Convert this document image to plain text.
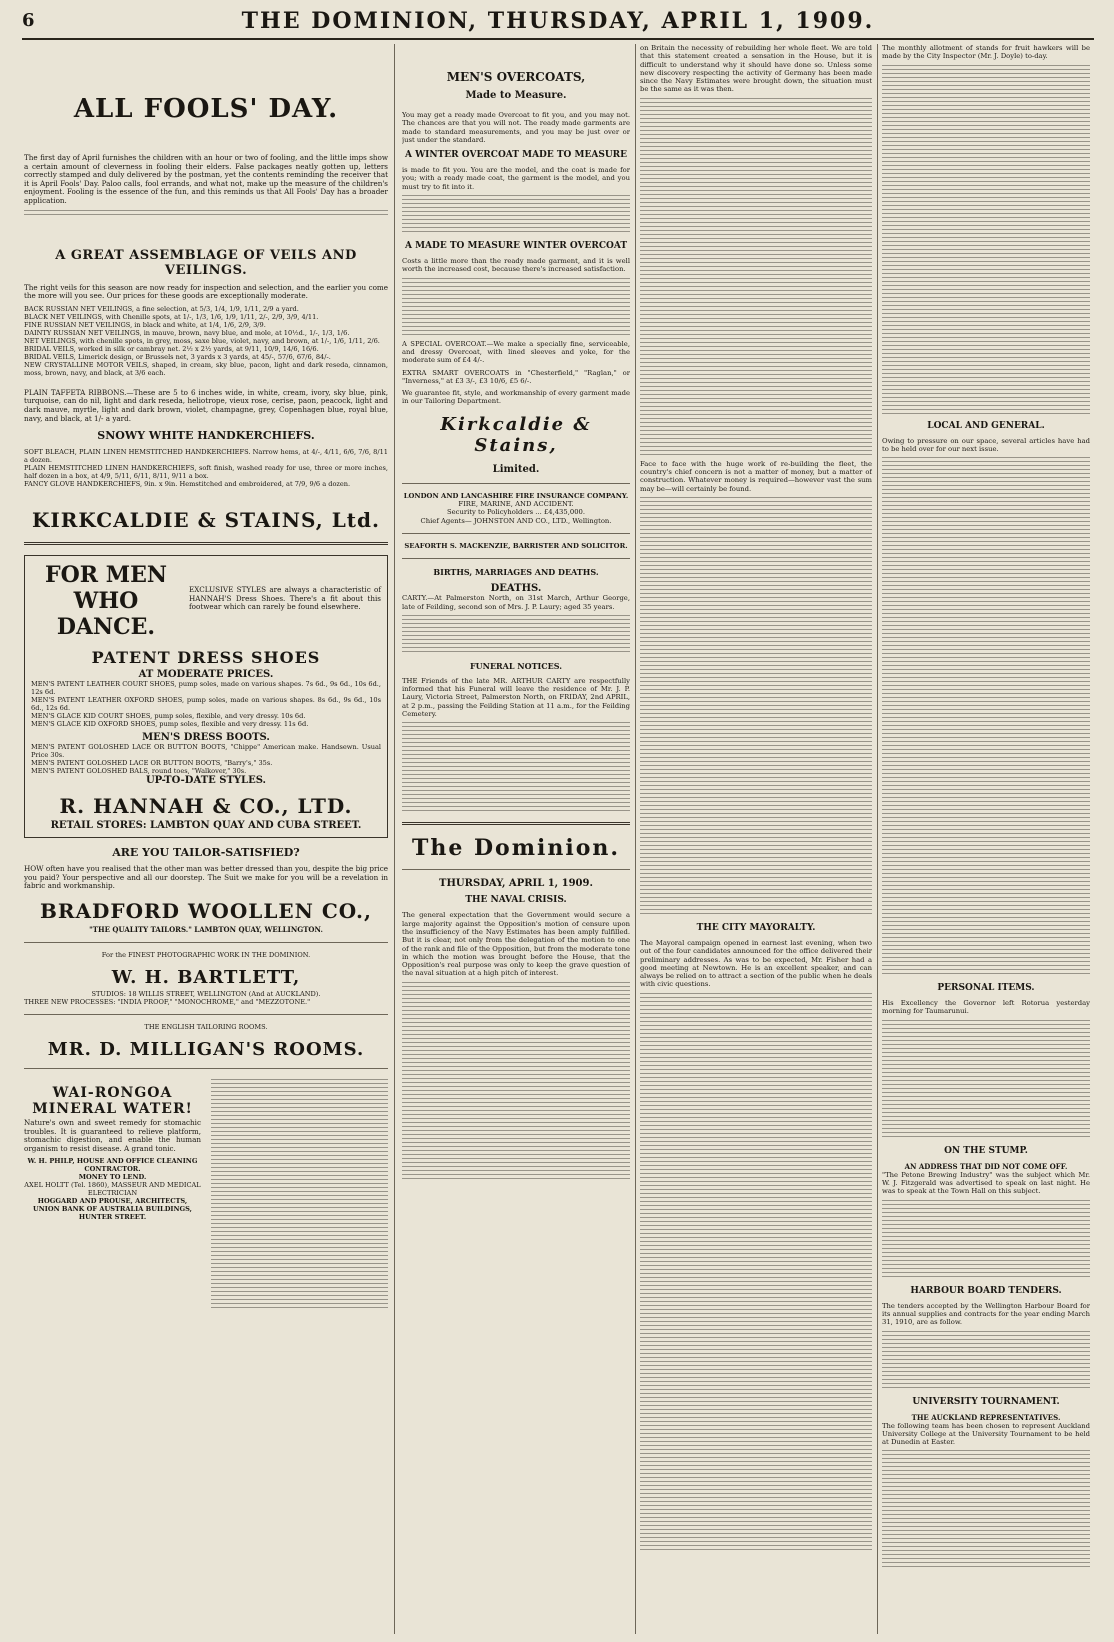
6	THE DOMINION, THURSDAY, APRIL 1, 1909.
ALL FOOLS' DAY.

The first day of April furnishes the children with an hour or two of fooling, and the little imps show a certain amount of cleverness in fooling their elders. False packages neatly gotten up, letters correctly stamped and duly delivered by the postman, yet the contents reminding the receiver that it is April Fools' Day. Paloo calls, fool errands, and what not, make up the measure of the children's enjoyment. Fooling is the essence of the fun, and this reminds us that All Fools' Day has a broader application.

A GREAT ASSEMBLAGE OF VEILS AND VEILINGS.

The right veils for this season are now ready for inspection and selection, and the earlier you come the more will you see. Our prices for these goods are exceptionally moderate.

BACK RUSSIAN NET VEILINGS, a fine selection, at 5/3, 1/4, 1/9, 1/11, 2/9 a yard.

BLACK NET VEILINGS, with Chenille spots, at 1/-, 1/3, 1/6, 1/9, 1/11, 2/-, 2/9, 3/9, 4/11.

FINE RUSSIAN NET VEILINGS, in black and white, at 1/4, 1/6, 2/9, 3/9.

DAINTY RUSSIAN NET VEILINGS, in mauve, brown, navy blue, and mole, at 10½d., 1/-, 1/3, 1/6.

NET VEILINGS, with chenille spots, in grey, moss, saxe blue, violet, navy, and brown, at 1/-, 1/6, 1/11, 2/6.

BRIDAL VEILS, worked in silk or cambray net. 2½ x 2½ yards, at 9/11, 10/9, 14/6, 16/6.

BRIDAL VEILS, Limerick design, or Brussels net, 3 yards x 3 yards, at 45/-, 57/6, 67/6, 84/-.

NEW CRYSTALLINE MOTOR VEILS, shaped, in cream, sky blue, pacon, light and dark reseda, cinnamon, moss, brown, navy, and black, at 3/6 each.

PLAIN TAFFETA RIBBONS.—These are 5 to 6 inches wide, in white, cream, ivory, sky blue, pink, turquoise, can do nil, light and dark reseda, heliotrope, vieux rose, cerise, paon, peacock, light and dark mauve, myrtle, light and dark brown, violet, champagne, grey, Copenhagen blue, royal blue, navy, and black, at 1/- a yard.

SNOWY WHITE HANDKERCHIEFS.

SOFT BLEACH, PLAIN LINEN HEMSTITCHED HANDKERCHIEFS. Narrow hems, at 4/-, 4/11, 6/6, 7/6, 8/11 a dozen.

PLAIN HEMSTITCHED LINEN HANDKERCHIEFS, soft finish, washed ready for use, three or more inches, half dozen in a box, at 4/9, 5/11, 6/11, 8/11, 9/11 a box.

FANCY GLOVE HANDKERCHIEFS, 9in. x 9in. Hemstitched and embroidered, at 7/9, 9/6 a dozen.

KIRKCALDIE & STAINS, Ltd.
FOR MEN
WHO DANCE.

EXCLUSIVE STYLES are always a characteristic of HANNAH'S Dress Shoes. There's a fit about this footwear which can rarely be found elsewhere.

PATENT DRESS SHOES
AT MODERATE PRICES.

MEN'S PATENT LEATHER COURT SHOES, pump soles, made on various shapes. 7s 6d., 9s 6d., 10s 6d., 12s 6d.

MEN'S PATENT LEATHER OXFORD SHOES, pump soles, made on various shapes. 8s 6d., 9s 6d., 10s 6d., 12s 6d.

MEN'S GLACE KID COURT SHOES, pump soles, flexible, and very dressy. 10s 6d.

MEN'S GLACE KID OXFORD SHOES, pump soles, flexible and very dressy. 11s 6d.

MEN'S DRESS BOOTS.

MEN'S PATENT GOLOSHED LACE OR BUTTON BOOTS, "Chippe" American make. Handsewn. Usual Price 30s.

MEN'S PATENT GOLOSHED LACE OR BUTTON BOOTS, "Barry's," 35s.

MEN'S PATENT GOLOSHED BALS, round toes, "Walkover," 30s.

UP-TO-DATE STYLES.
R. HANNAH & CO., LTD.
RETAIL STORES: LAMBTON QUAY AND CUBA STREET.
ARE YOU TAILOR-SATISFIED?

HOW often have you realised that the other man was better dressed than you, despite the big price you paid? Your perspective and all our doorstep. The Suit we make for you will be a revelation in fabric and workmanship.

BRADFORD WOOLLEN CO.,
"THE QUALITY TAILORS." LAMBTON QUAY, WELLINGTON.

For the FINEST PHOTOGRAPHIC WORK IN THE DOMINION.

W. H. BARTLETT,

STUDIOS: 18 WILLIS STREET, WELLINGTON (And at AUCKLAND).

THREE NEW PROCESSES: "INDIA PROOF," "MONOCHROME," and "MEZZOTONE."

THE ENGLISH TAILORING ROOMS.

MR. D. MILLIGAN'S ROOMS.
WAI-RONGOA MINERAL WATER!

Nature's own and sweet remedy for stomachic troubles. It is guaranteed to relieve platform, stomachic digestion, and enable the human organism to resist disease. A grand tonic.

W. H. PHILP, HOUSE AND OFFICE CLEANING CONTRACTOR.

MONEY TO LEND.

AXEL HOLTT (Tel. 1860), MASSEUR AND MEDICAL ELECTRICIAN

HOGGARD AND PROUSE, ARCHITECTS, UNION BANK OF AUSTRALIA BUILDINGS, HUNTER STREET.

MEN'S OVERCOATS,
Made to Measure.

You may get a ready made Overcoat to fit you, and you may not. The chances are that you will not. The ready made garments are made to standard measurements, and you may be just over or just under the standard.

A WINTER OVERCOAT MADE TO MEASURE

is made to fit you. You are the model, and the coat is made for you; with a ready made coat, the garment is the model, and you must try to fit into it.

A MADE TO MEASURE WINTER OVERCOAT

Costs a little more than the ready made garment, and it is well worth the increased cost, because there's increased satisfaction.

A SPECIAL OVERCOAT.—We make a specially fine, serviceable, and dressy Overcoat, with lined sleeves and yoke, for the moderate sum of £4 4/-.

EXTRA SMART OVERCOATS in "Chesterfield," "Raglan," or "Inverness," at £3 3/-, £3 10/6, £5 6/-.

We guarantee fit, style, and workmanship of every garment made in our Tailoring Department.

Kirkcaldie & Stains,
Limited.

LONDON AND LANCASHIRE FIRE INSURANCE COMPANY.

FIRE, MARINE, AND ACCIDENT.

Security to Policyholders ... £4,435,000.

Chief Agents— JOHNSTON AND CO., LTD., Wellington.

SEAFORTH S. MACKENZIE, BARRISTER AND SOLICITOR.

BIRTHS, MARRIAGES AND DEATHS.
DEATHS.

CARTY.—At Palmerston North, on 31st March, Arthur George, late of Feilding, second son of Mrs. J. P. Laury; aged 35 years.

FUNERAL NOTICES.

THE Friends of the late MR. ARTHUR CARTY are respectfully informed that his Funeral will leave the residence of Mr. J. P. Laury, Victoria Street, Palmerston North, on FRIDAY, 2nd APRIL, at 2 p.m., passing the Feilding Station at 11 a.m., for the Feilding Cemetery.

The Dominion.
THURSDAY, APRIL 1, 1909.
THE NAVAL CRISIS.

The general expectation that the Government would secure a large majority against the Opposition's motion of censure upon the insufficiency of the Navy Estimates has been amply fulfilled. But it is clear, not only from the delegation of the motion to one of the rank and file of the Opposition, but from the moderate tone in which the motion was brought before the House, that the Opposition's real purpose was only to keep the grave question of the naval situation at a high pitch of interest.

on Britain the necessity of rebuilding her whole fleet. We are told that this statement created a sensation in the House, but it is difficult to understand why it should have done so. Unless some new discovery respecting the activity of Germany has been made since the Navy Estimates were brought down, the situation must be the same as it was then.

Face to face with the huge work of re-building the fleet, the country's chief concern is not a matter of money, but a matter of construction. Whatever money is required—however vast the sum may be—will certainly be found.

THE CITY MAYORALTY.

The Mayoral campaign opened in earnest last evening, when two out of the four candidates announced for the office delivered their preliminary addresses. As was to be expected, Mr. Fisher had a good meeting at Newtown. He is an excellent speaker, and can always be relied on to attract a section of the public when he deals with civic questions.

The monthly allotment of stands for fruit hawkers will be made by the City Inspector (Mr. J. Doyle) to-day.

LOCAL AND GENERAL.

Owing to pressure on our space, several articles have had to be held over for our next issue.

PERSONAL ITEMS.

His Excellency the Governor left Rotorua yesterday morning for Taumarunui.

ON THE STUMP.
AN ADDRESS THAT DID NOT COME OFF.

"The Petone Brewing Industry" was the subject which Mr. W. J. Fitzgerald was advertised to speak on last night. He was to speak at the Town Hall on this subject.

HARBOUR BOARD TENDERS.

The tenders accepted by the Wellington Harbour Board for its annual supplies and contracts for the year ending March 31, 1910, are as follow.

UNIVERSITY TOURNAMENT.
THE AUCKLAND REPRESENTATIVES.

The following team has been chosen to represent Auckland University College at the University Tournament to be held at Dunedin at Easter.
